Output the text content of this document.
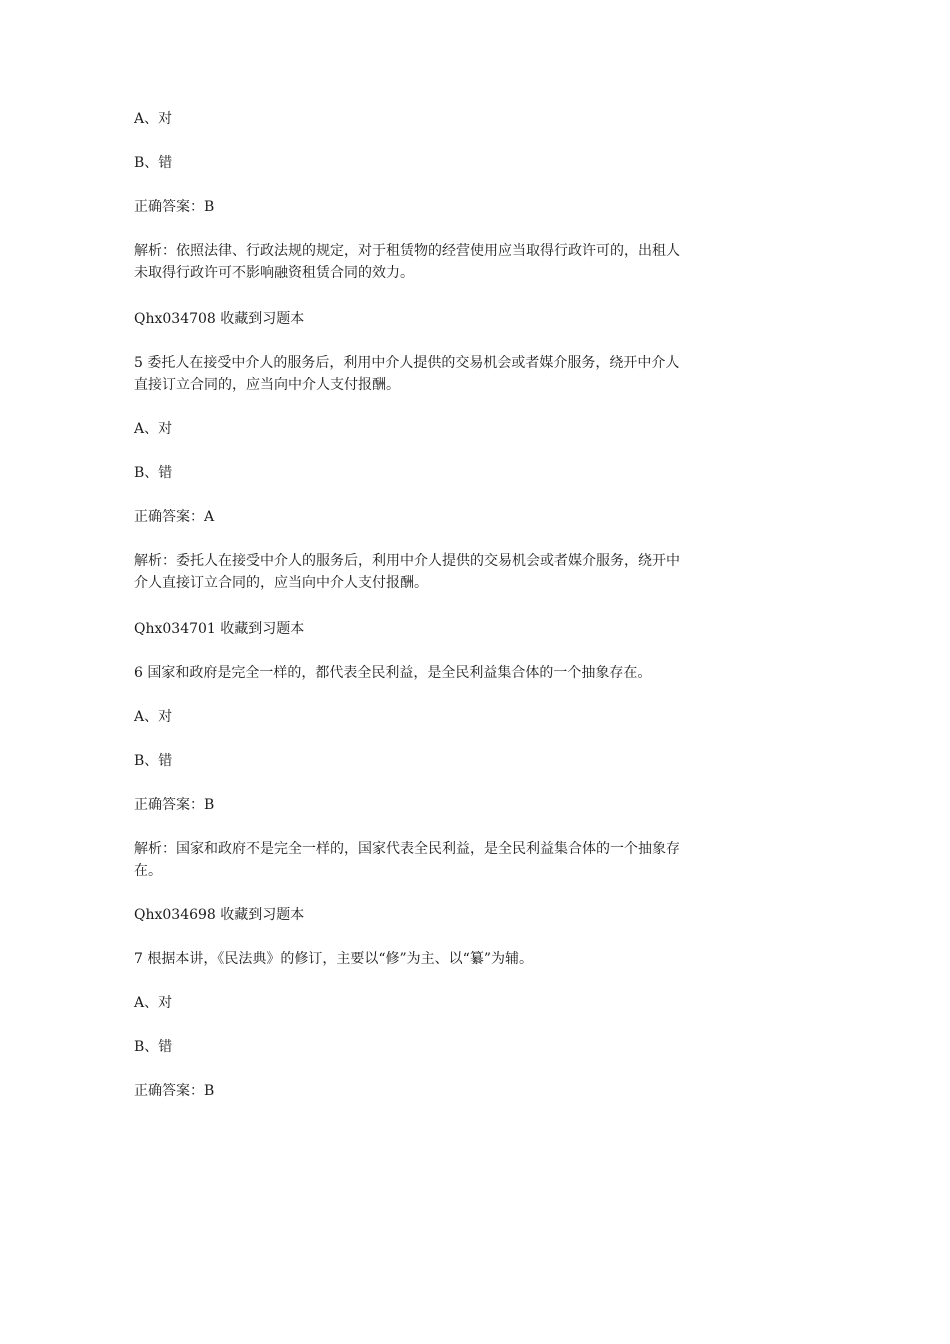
A、对
B、错
正确答案：B
解析：依照法律、行政法规的规定，对于租赁物的经营使用应当取得行政许可的，出租人
未取得行政许可不影响融资租赁合同的效力。
Qhx034708 收藏到习题本
5 委托人在接受中介人的服务后，利用中介人提供的交易机会或者媒介服务，绕开中介人
直接订立合同的，应当向中介人支付报酬。
A、对
B、错
正确答案：A
解析：委托人在接受中介人的服务后，利用中介人提供的交易机会或者媒介服务，绕开中
介人直接订立合同的，应当向中介人支付报酬。
Qhx034701 收藏到习题本
6 国家和政府是完全一样的，都代表全民利益，是全民利益集合体的一个抽象存在。
A、对
B、错
正确答案：B
解析：国家和政府不是完全一样的，国家代表全民利益，是全民利益集合体的一个抽象存
在。
Qhx034698 收藏到习题本
7 根据本讲，《民法典》的修订，主要以“修”为主、以“纂”为辅。
A、对
B、错
正确答案：B
